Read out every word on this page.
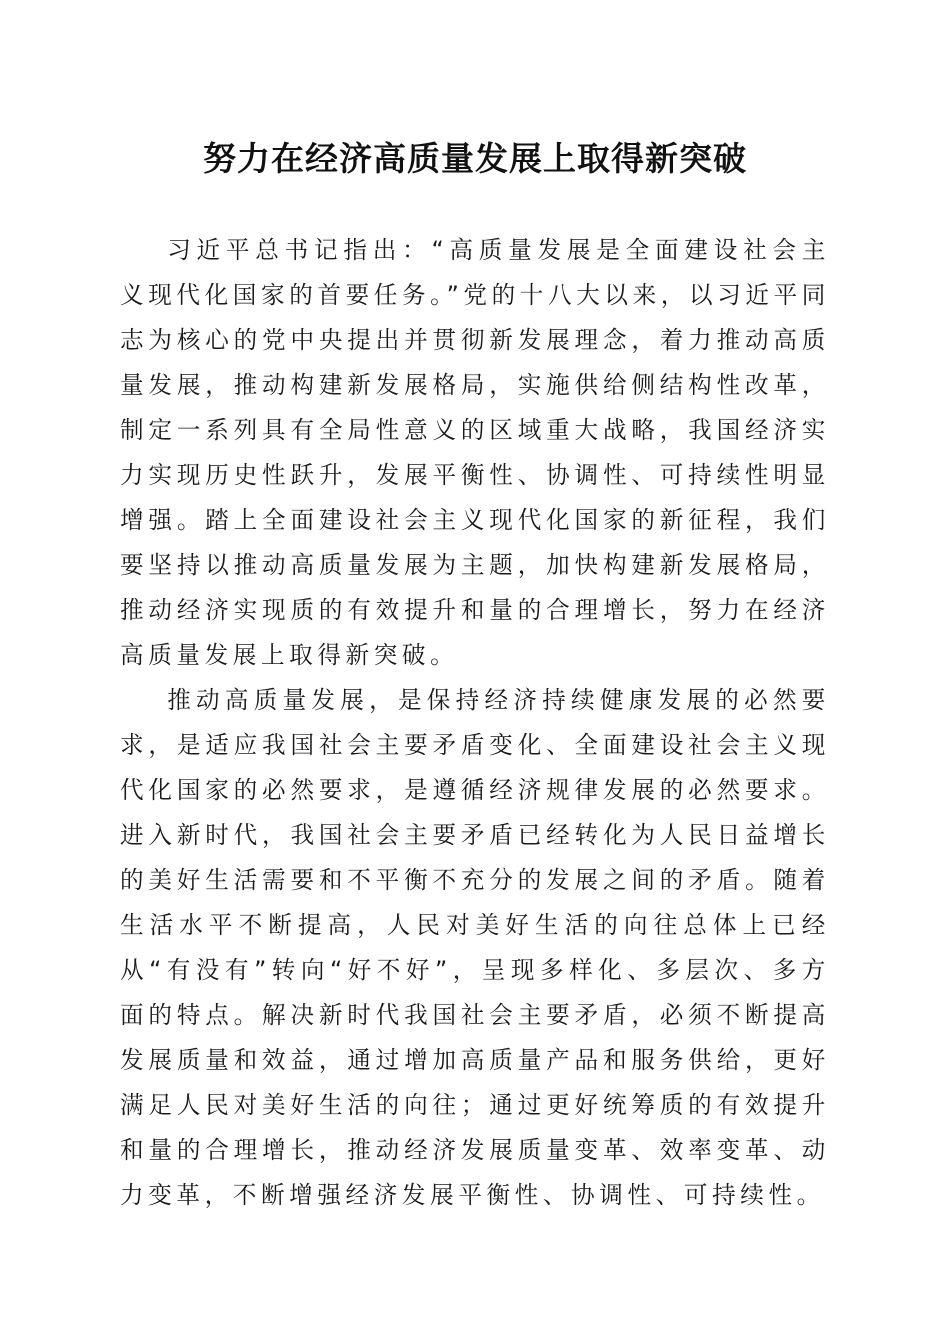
努力在经济高质量发展上取得新突破

习近平总书记指出：“高质量发展是全面建设社会主义现代化国家的首要任务。”党的十八大以来，以习近平同志为核心的党中央提出并贯彻新发展理念，着力推动高质量发展，推动构建新发展格局，实施供给侧结构性改革，制定一系列具有全局性意义的区域重大战略，我国经济实力实现历史性跃升，发展平衡性、协调性、可持续性明显增强。踏上全面建设社会主义现代化国家的新征程，我们要坚持以推动高质量发展为主题，加快构建新发展格局，推动经济实现质的有效提升和量的合理增长，努力在经济高质量发展上取得新突破。

推动高质量发展，是保持经济持续健康发展的必然要求，是适应我国社会主要矛盾变化、全面建设社会主义现代化国家的必然要求，是遵循经济规律发展的必然要求。进入新时代，我国社会主要矛盾已经转化为人民日益增长的美好生活需要和不平衡不充分的发展之间的矛盾。随着生活水平不断提高，人民对美好生活的向往总体上已经从“有没有”转向“好不好”，呈现多样化、多层次、多方面的特点。解决新时代我国社会主要矛盾，必须不断提高发展质量和效益，通过增加高质量产品和服务供给，更好满足人民对美好生活的向往；通过更好统筹质的有效提升和量的合理增长，推动经济发展质量变革、效率变革、动力变革，不断增强经济发展平衡性、协调性、可持续性。
